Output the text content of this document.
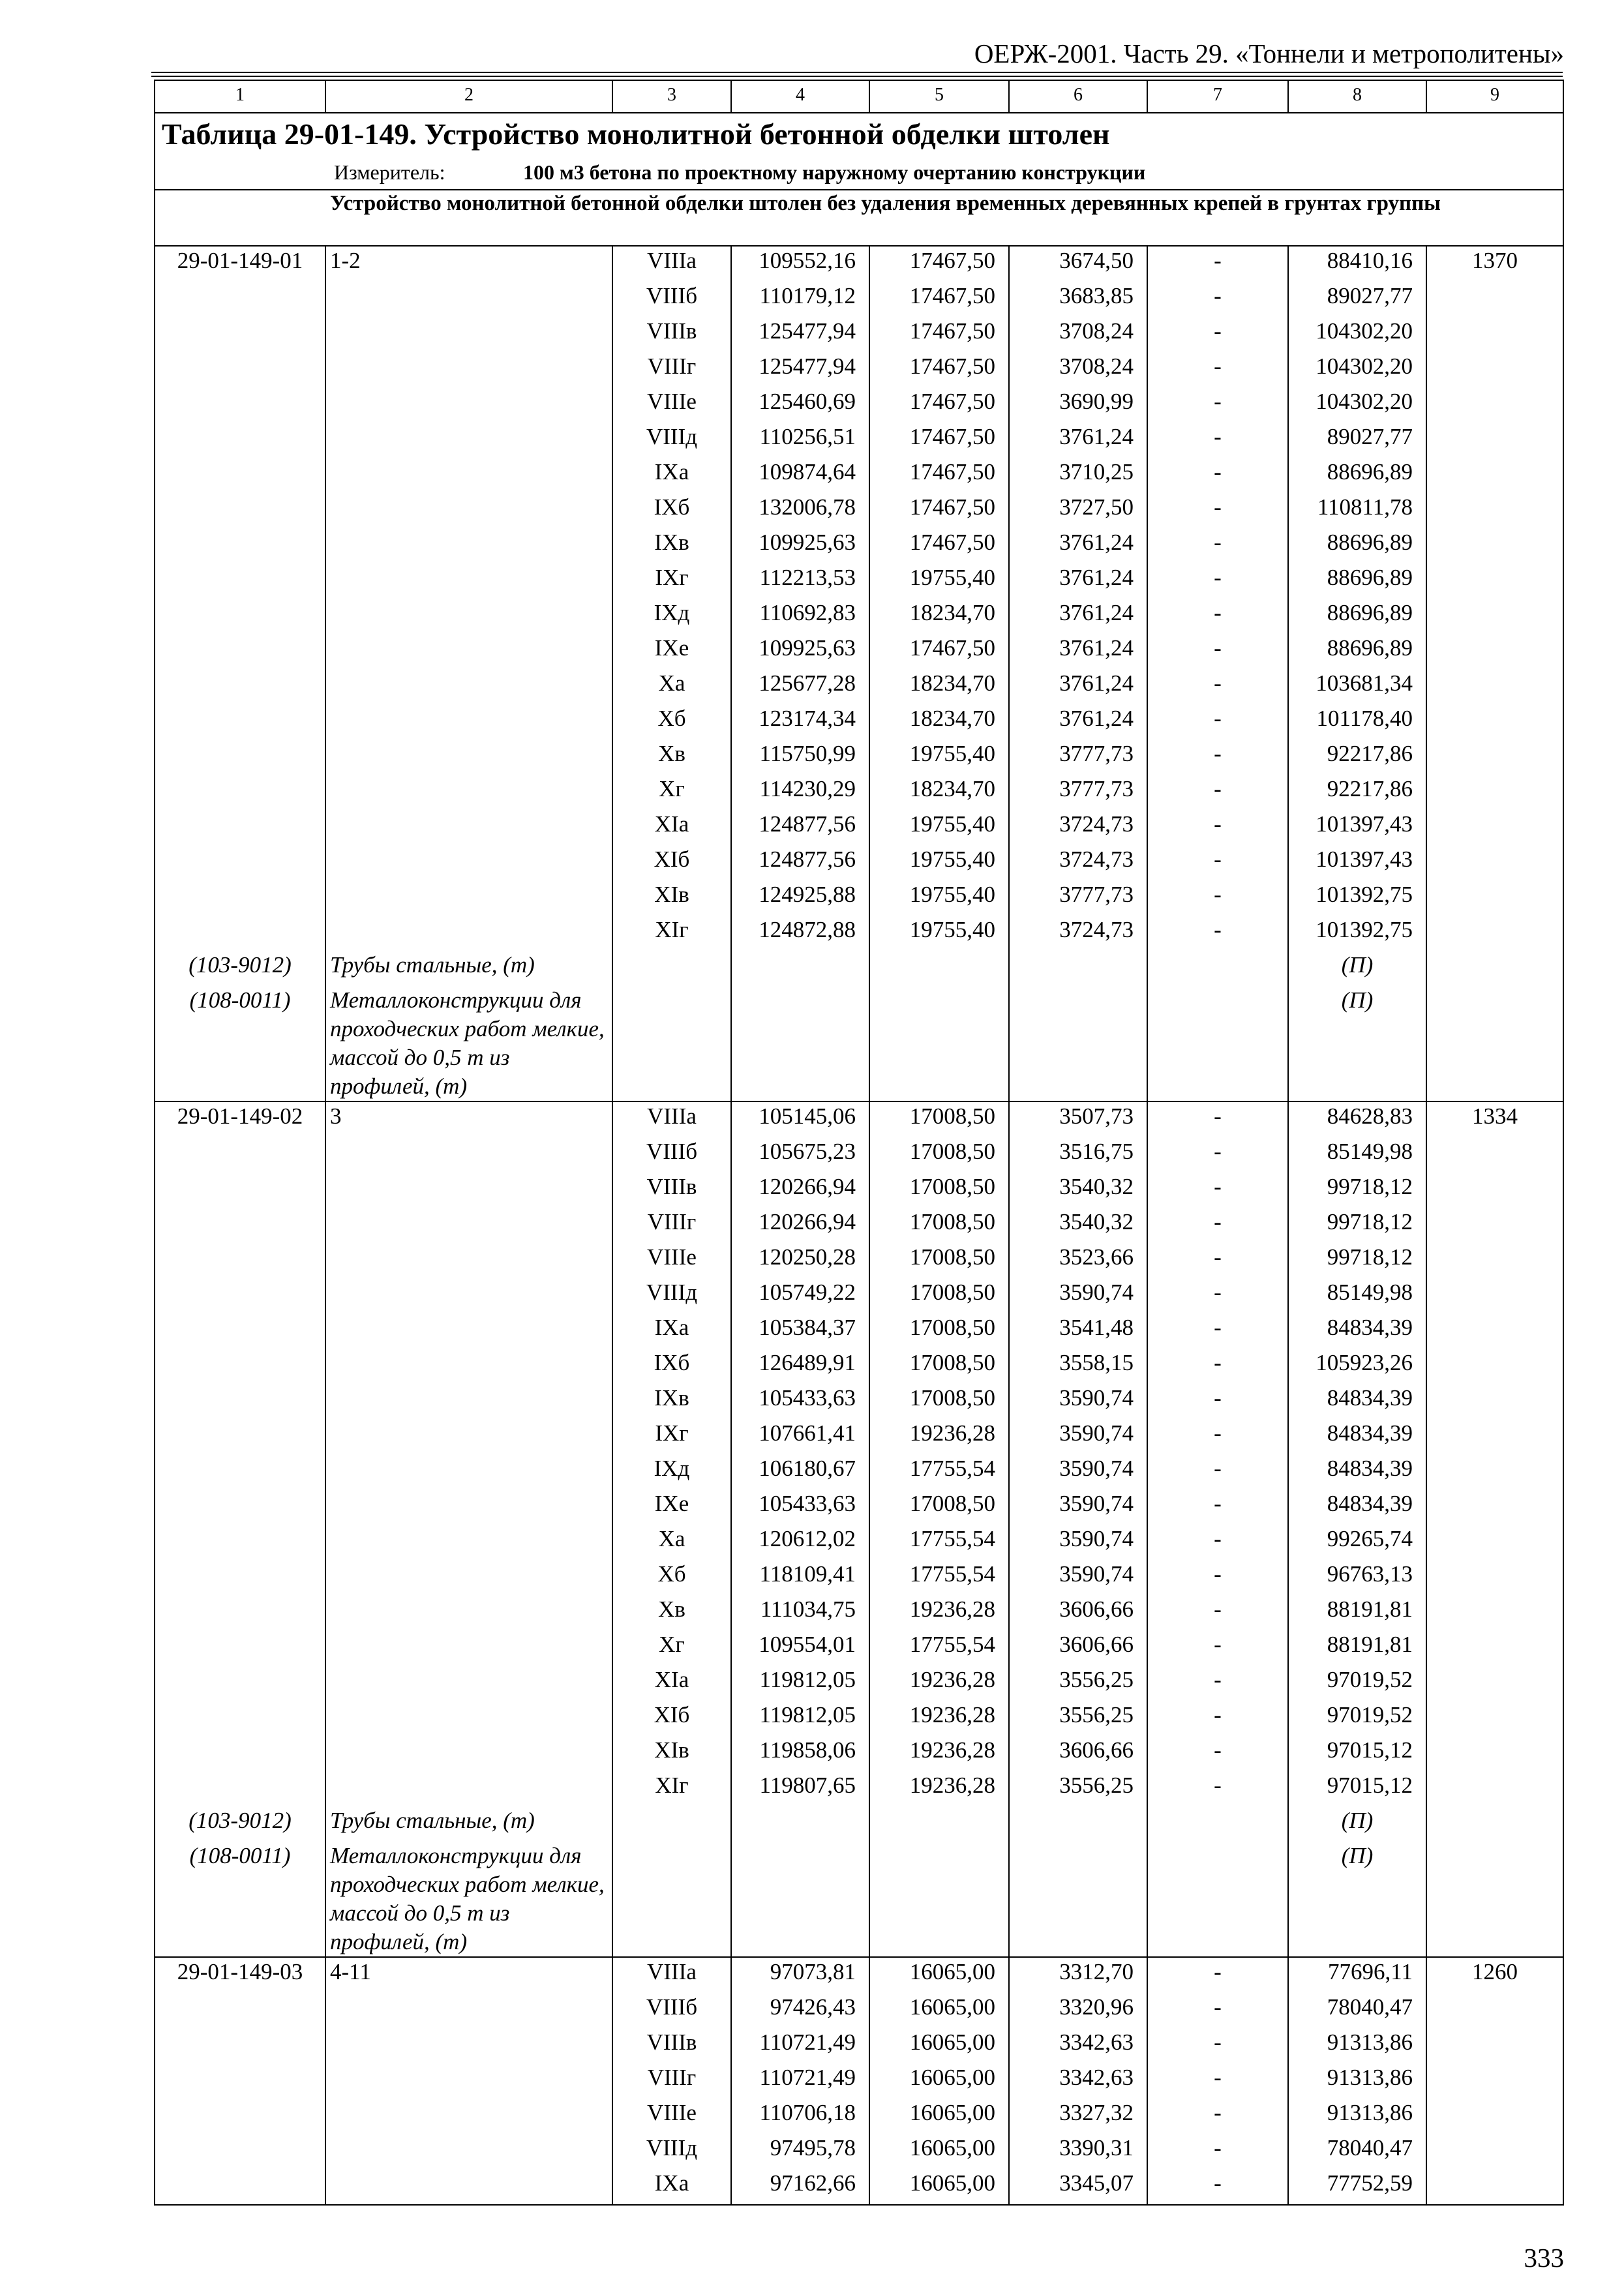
ОЕРЖ-2001. Часть 29. «Тоннели и метрополитены»
1	2	3	4	5	6	7	8	9
Таблица 29-01-149. Устройство монолитной бетонной обделки штолен								
Измеритель: 100 м3 бетона по проектному наружному очертанию конструкции								
Устройство монолитной бетонной обделки штолен без удаления временных деревянных крепей в грунтах группы								
29-01-149-01	1-2	VIIIа	109552,16	17467,50	3674,50	-	88410,16	1370
		VIIIб	110179,12	17467,50	3683,85	-	89027,77	
		VIIIв	125477,94	17467,50	3708,24	-	104302,20	
		VIIIг	125477,94	17467,50	3708,24	-	104302,20	
		VIIIе	125460,69	17467,50	3690,99	-	104302,20	
		VIIIд	110256,51	17467,50	3761,24	-	89027,77	
		IXа	109874,64	17467,50	3710,25	-	88696,89	
		IXб	132006,78	17467,50	3727,50	-	110811,78	
		IXв	109925,63	17467,50	3761,24	-	88696,89	
		IXг	112213,53	19755,40	3761,24	-	88696,89	
		IXд	110692,83	18234,70	3761,24	-	88696,89	
		IXе	109925,63	17467,50	3761,24	-	88696,89	
		Xа	125677,28	18234,70	3761,24	-	103681,34	
		Xб	123174,34	18234,70	3761,24	-	101178,40	
		Xв	115750,99	19755,40	3777,73	-	92217,86	
		Xг	114230,29	18234,70	3777,73	-	92217,86	
		XIа	124877,56	19755,40	3724,73	-	101397,43	
		XIб	124877,56	19755,40	3724,73	-	101397,43	
		XIв	124925,88	19755,40	3777,73	-	101392,75	
		XIг	124872,88	19755,40	3724,73	-	101392,75	
(103-9012)	Трубы стальные, (т)						(П)	
(108-0011)	Металлоконструкции для проходческих работ мелкие, массой до 0,5 т из профилей, (т)						(П)	
29-01-149-02	3	VIIIа	105145,06	17008,50	3507,73	-	84628,83	1334
		VIIIб	105675,23	17008,50	3516,75	-	85149,98	
		VIIIв	120266,94	17008,50	3540,32	-	99718,12	
		VIIIг	120266,94	17008,50	3540,32	-	99718,12	
		VIIIе	120250,28	17008,50	3523,66	-	99718,12	
		VIIIд	105749,22	17008,50	3590,74	-	85149,98	
		IXа	105384,37	17008,50	3541,48	-	84834,39	
		IXб	126489,91	17008,50	3558,15	-	105923,26	
		IXв	105433,63	17008,50	3590,74	-	84834,39	
		IXг	107661,41	19236,28	3590,74	-	84834,39	
		IXд	106180,67	17755,54	3590,74	-	84834,39	
		IXе	105433,63	17008,50	3590,74	-	84834,39	
		Xа	120612,02	17755,54	3590,74	-	99265,74	
		Xб	118109,41	17755,54	3590,74	-	96763,13	
		Xв	111034,75	19236,28	3606,66	-	88191,81	
		Xг	109554,01	17755,54	3606,66	-	88191,81	
		XIа	119812,05	19236,28	3556,25	-	97019,52	
		XIб	119812,05	19236,28	3556,25	-	97019,52	
		XIв	119858,06	19236,28	3606,66	-	97015,12	
		XIг	119807,65	19236,28	3556,25	-	97015,12	
(103-9012)	Трубы стальные, (т)						(П)	
(108-0011)	Металлоконструкции для проходческих работ мелкие, массой до 0,5 т из профилей, (т)						(П)	
29-01-149-03	4-11	VIIIа	97073,81	16065,00	3312,70	-	77696,11	1260
		VIIIб	97426,43	16065,00	3320,96	-	78040,47	
		VIIIв	110721,49	16065,00	3342,63	-	91313,86	
		VIIIг	110721,49	16065,00	3342,63	-	91313,86	
		VIIIе	110706,18	16065,00	3327,32	-	91313,86	
		VIIIд	97495,78	16065,00	3390,31	-	78040,47	
		IXа	97162,66	16065,00	3345,07	-	77752,59	
333
